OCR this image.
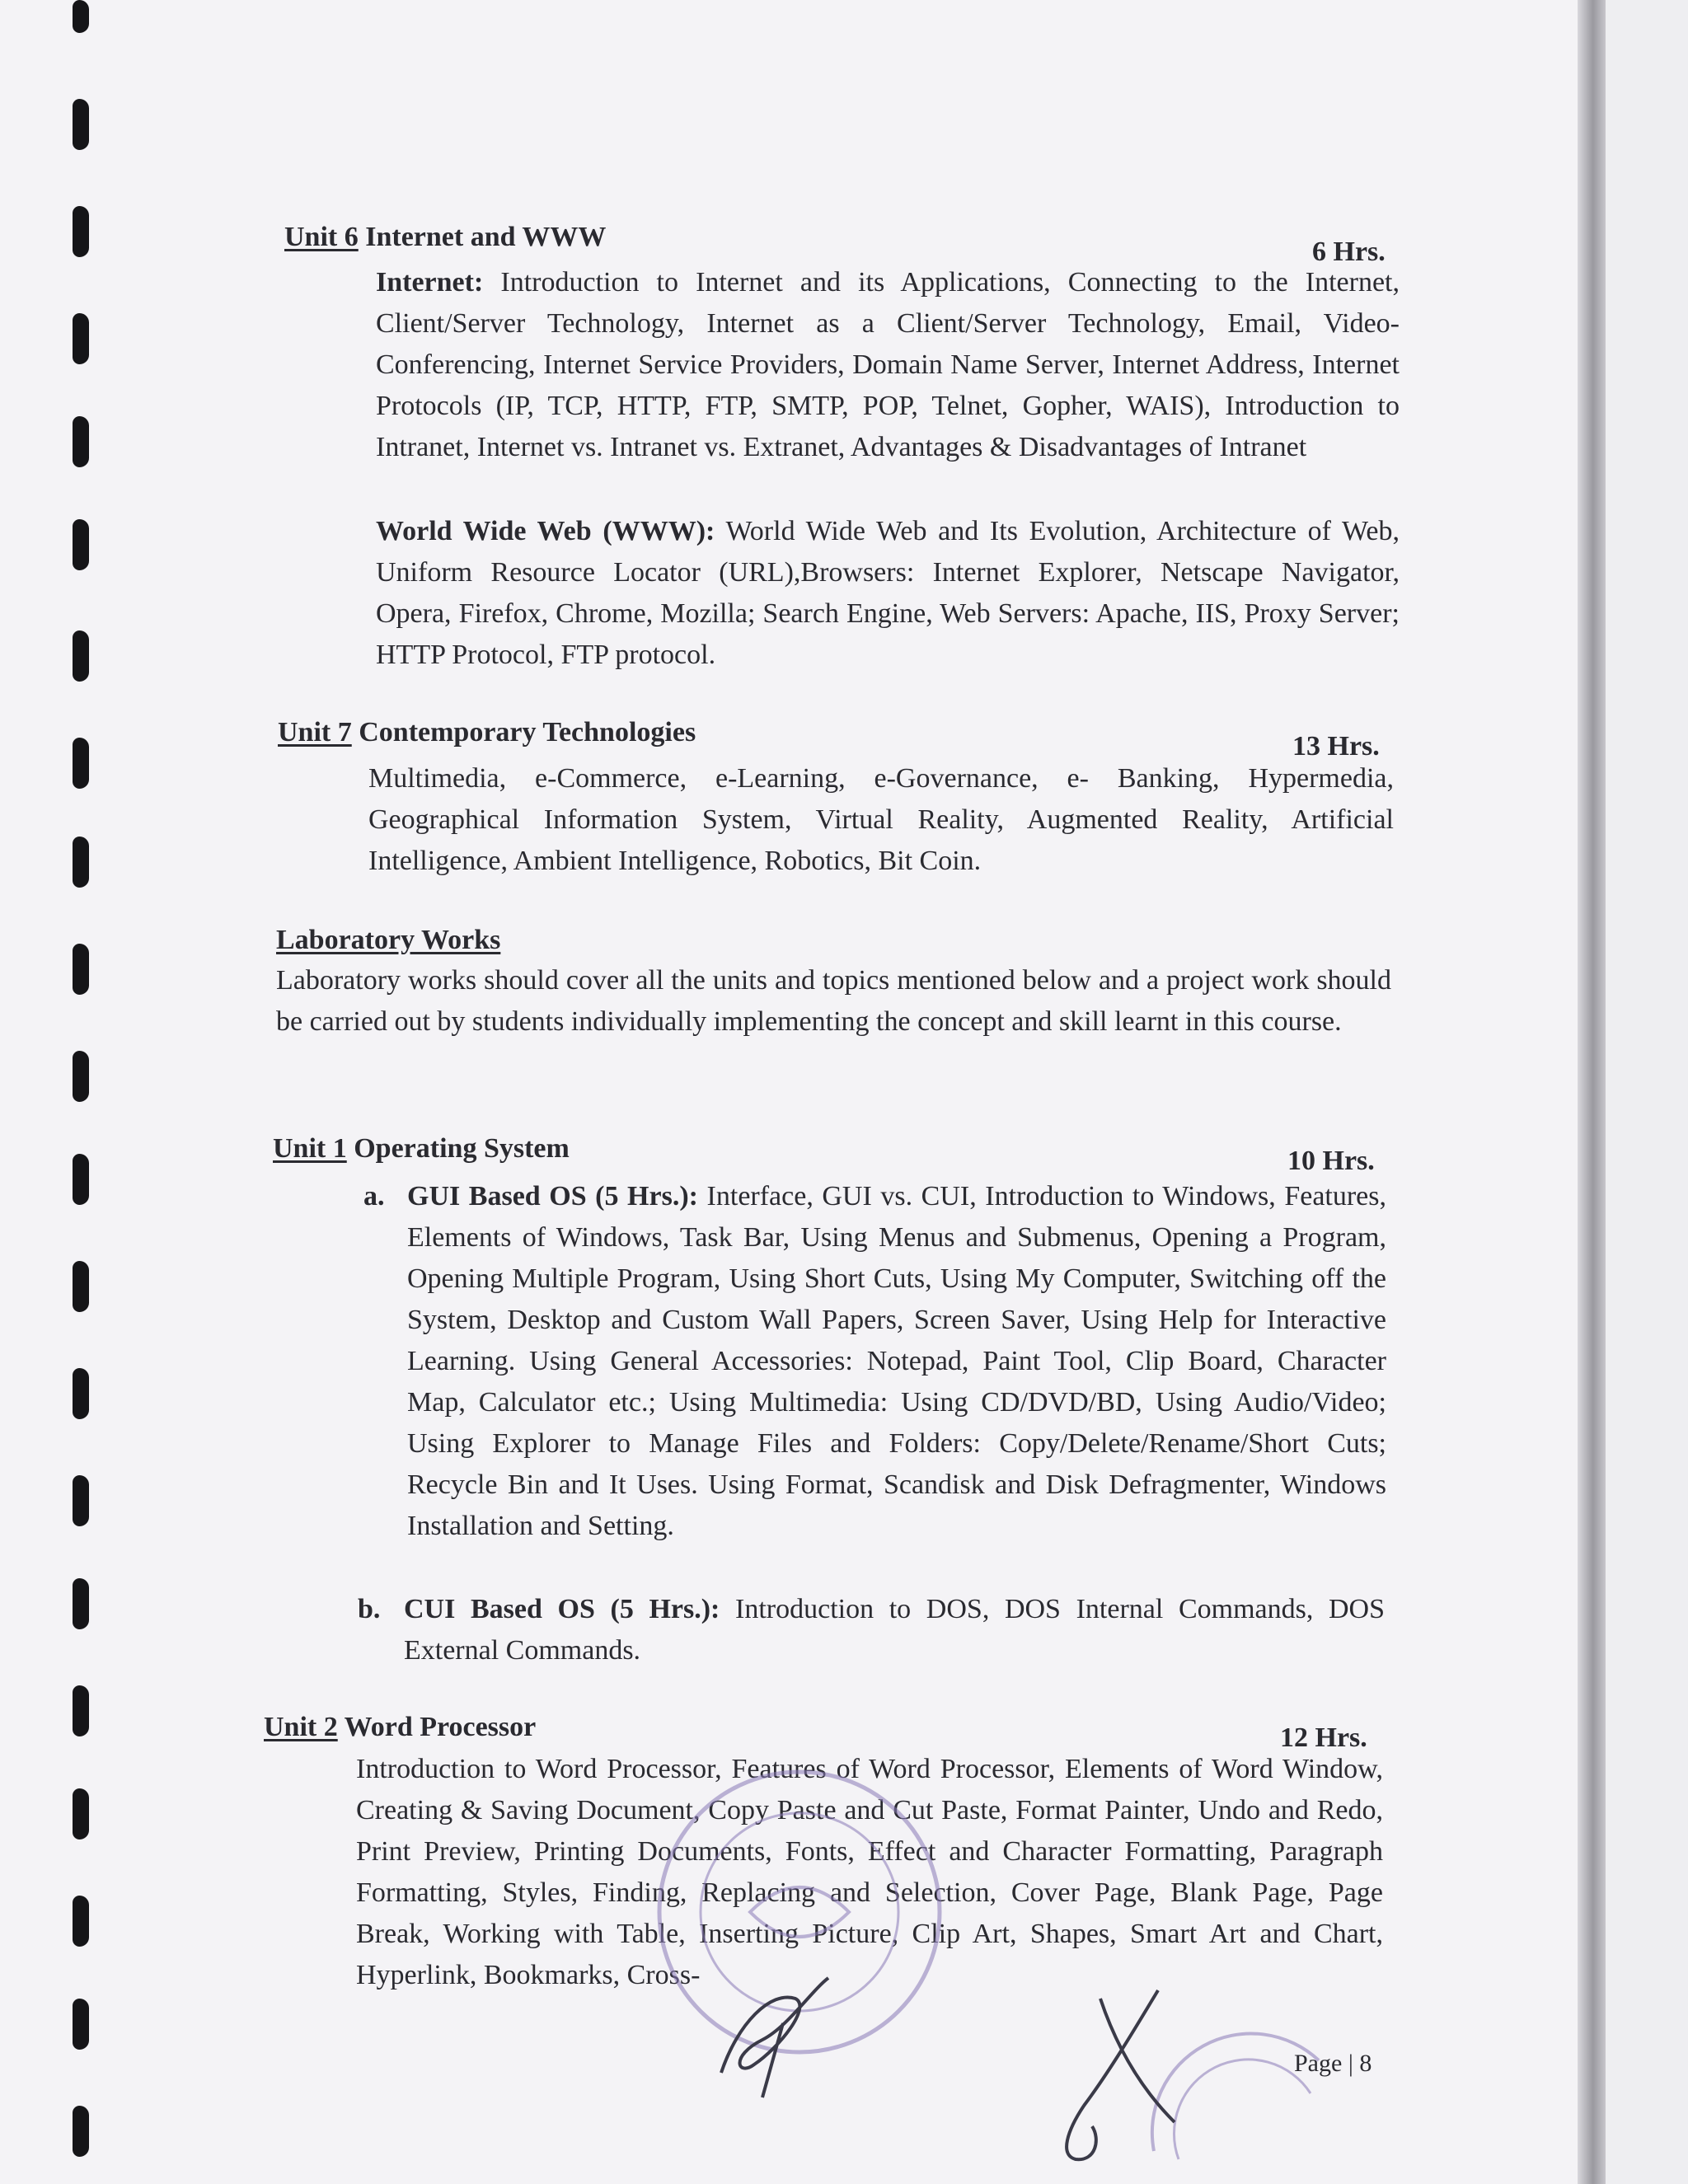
Unit 6 Internet and WWW	6 Hrs.
Internet: Introduction to Internet and its Applications, Connecting to the Internet, Client/Server Technology, Internet as a Client/Server Technology, Email, Video-Conferencing, Internet Service Providers, Domain Name Server, Internet Address, Internet Protocols (IP, TCP, HTTP, FTP, SMTP, POP, Telnet, Gopher, WAIS), Introduction to Intranet, Internet vs. Intranet vs. Extranet, Advantages & Disadvantages of Intranet
World Wide Web (WWW): World Wide Web and Its Evolution, Architecture of Web, Uniform Resource Locator (URL),Browsers: Internet Explorer, Netscape Navigator, Opera, Firefox, Chrome, Mozilla; Search Engine, Web Servers: Apache, IIS, Proxy Server; HTTP Protocol, FTP protocol.
Unit 7 Contemporary Technologies	13 Hrs.
Multimedia, e-Commerce, e-Learning, e-Governance, e- Banking, Hypermedia, Geographical Information System, Virtual Reality, Augmented Reality, Artificial Intelligence, Ambient Intelligence, Robotics, Bit Coin.
Laboratory Works
Laboratory works should cover all the units and topics mentioned below and a project work should be carried out by students individually implementing the concept and skill learnt in this course.
Unit 1 Operating System	10 Hrs.
a. GUI Based OS (5 Hrs.): Interface, GUI vs. CUI, Introduction to Windows, Features, Elements of Windows, Task Bar, Using Menus and Submenus, Opening a Program, Opening Multiple Program, Using Short Cuts, Using My Computer, Switching off the System, Desktop and Custom Wall Papers, Screen Saver, Using Help for Interactive Learning. Using General Accessories: Notepad, Paint Tool, Clip Board, Character Map, Calculator etc.; Using Multimedia: Using CD/DVD/BD, Using Audio/Video; Using Explorer to Manage Files and Folders: Copy/Delete/Rename/Short Cuts; Recycle Bin and It Uses. Using Format, Scandisk and Disk Defragmenter, Windows Installation and Setting.
b. CUI Based OS (5 Hrs.): Introduction to DOS, DOS Internal Commands, DOS External Commands.
Unit 2 Word Processor	12 Hrs.
Introduction to Word Processor, Features of Word Processor, Elements of Word Window, Creating & Saving Document, Copy Paste and Cut Paste, Format Painter, Undo and Redo, Print Preview, Printing Documents, Fonts, Effect and Character Formatting, Paragraph Formatting, Styles, Finding, Replacing and Selection, Cover Page, Blank Page, Page Break, Working with Table, Inserting Picture, Clip Art, Shapes, Smart Art and Chart, Hyperlink, Bookmarks, Cross-
Page | 8
